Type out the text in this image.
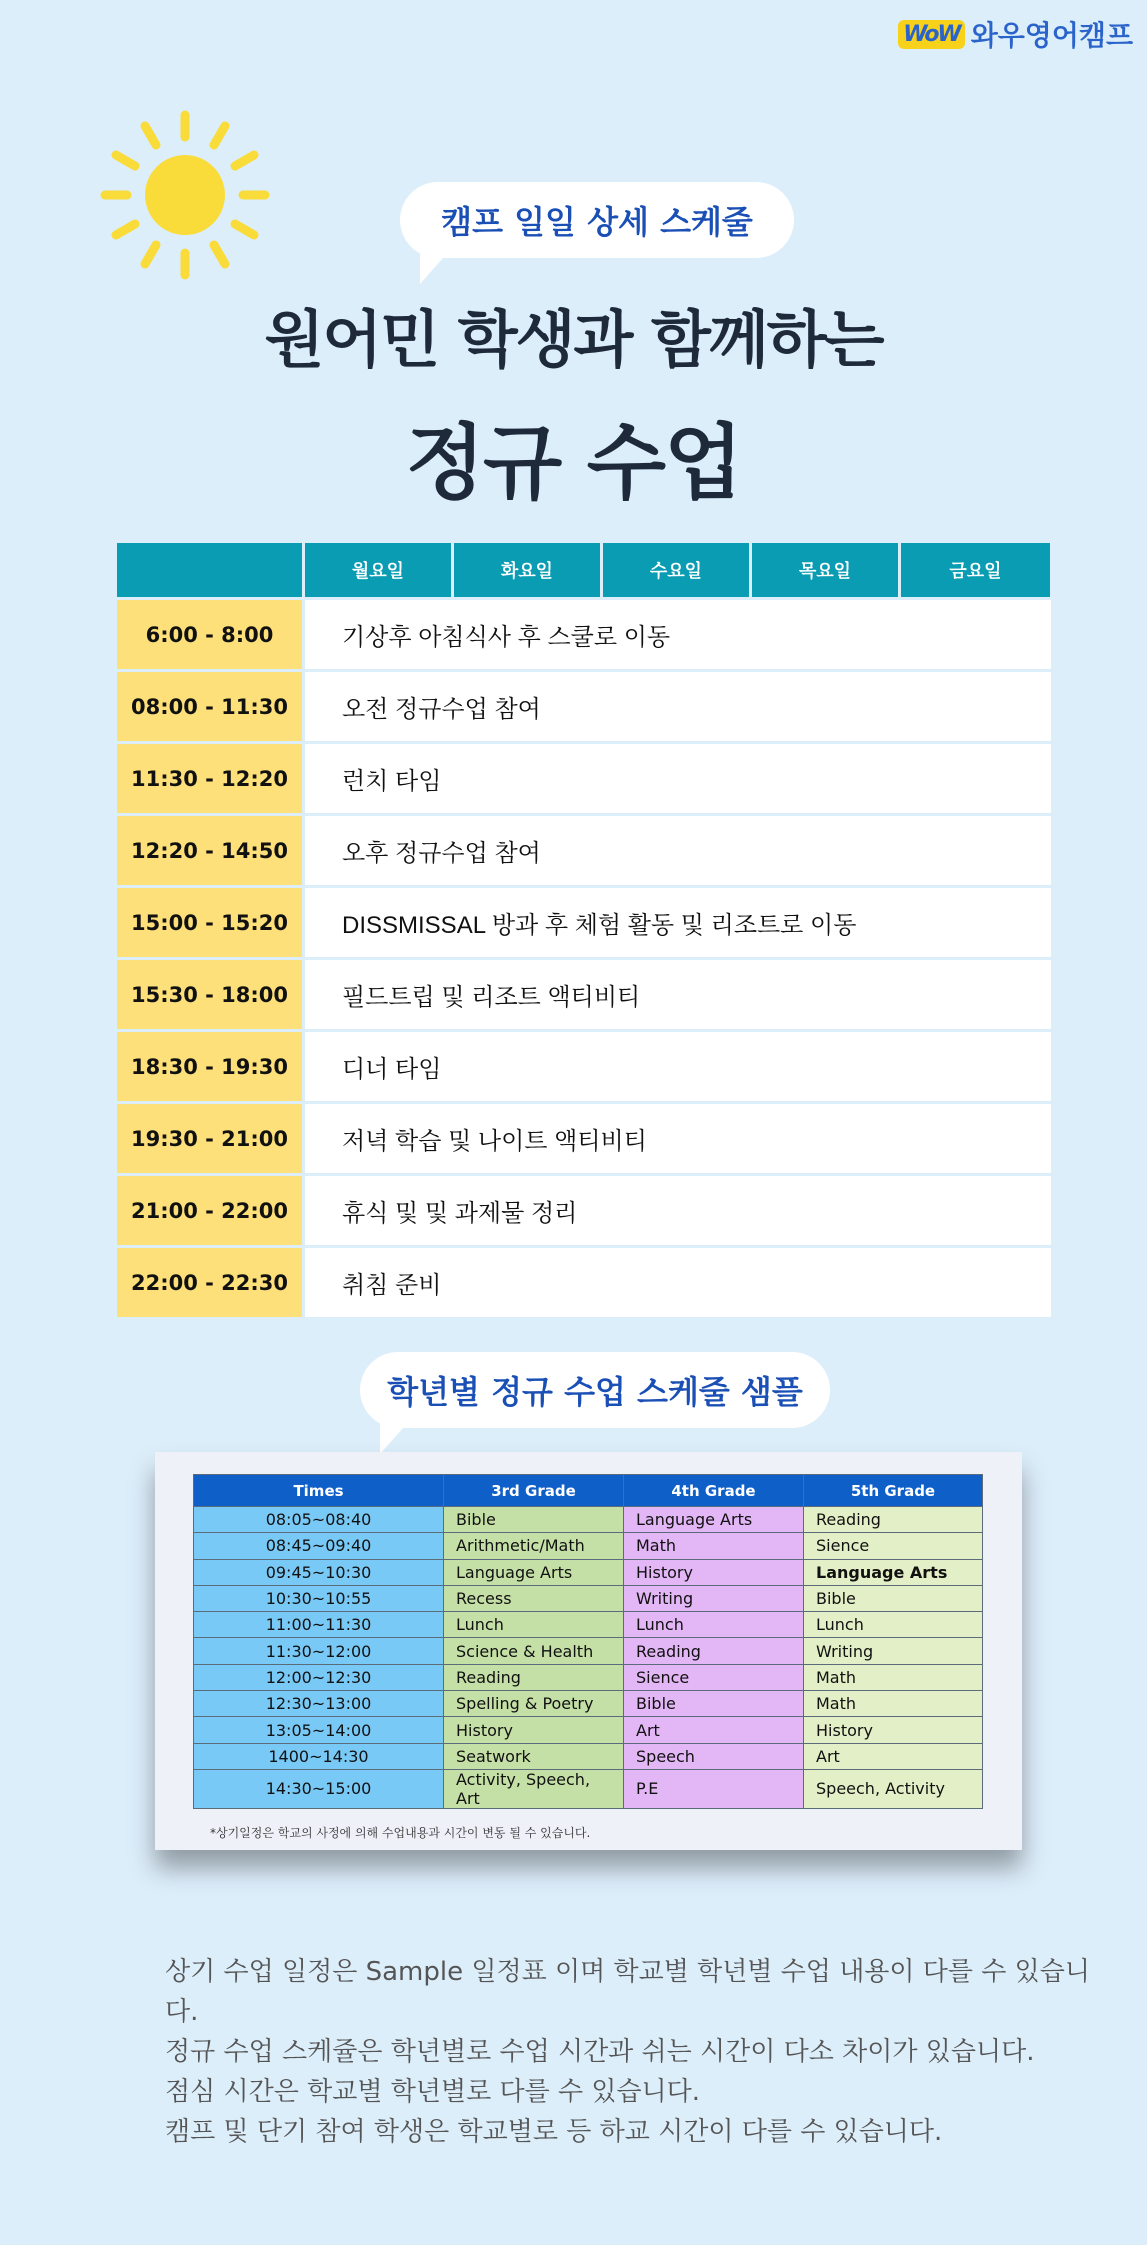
WoW 와우영어캠프
캠프 일일 상세 스케줄
원어민 학생과 함께하는
정규 수업
월요일	화요일	수요일	목요일	금요일
6:00 - 8:00	기상후 아침식사 후 스쿨로 이동
08:00 - 11:30	오전 정규수업 참여
11:30 - 12:20	런치 타임
12:20 - 14:50	오후 정규수업 참여
15:00 - 15:20	DISSMISSAL 방과 후 체험 활동 및 리조트로 이동
15:30 - 18:00	필드트립 및 리조트 액티비티
18:30 - 19:30	디너 타임
19:30 - 21:00	저녁 학습 및 나이트 액티비티
21:00 - 22:00	휴식 및 및 과제물 정리
22:00 - 22:30	취침 준비
학년별 정규 수업 스케줄 샘플
Times	3rd Grade	4th Grade	5th Grade
08:05~08:40	Bible	Language Arts	Reading
08:45~09:40	Arithmetic/Math	Math	Sience
09:45~10:30	Language Arts	History	Language Arts
10:30~10:55	Recess	Writing	Bible
11:00~11:30	Lunch	Lunch	Lunch
11:30~12:00	Science & Health	Reading	Writing
12:00~12:30	Reading	Sience	Math
12:30~13:00	Spelling & Poetry	Bible	Math
13:05~14:00	History	Art	History
1400~14:30	Seatwork	Speech	Art
14:30~15:00	Activity, Speech, Art	P.E	Speech, Activity
*상기일정은 학교의 사정에 의해 수업내용과 시간이 변동 될 수 있습니다.
상기 수업 일정은 Sample 일정표 이며 학교별 학년별 수업 내용이 다를 수 있습니다.
정규 수업 스케쥴은 학년별로 수업 시간과 쉬는 시간이 다소 차이가 있습니다.
점심 시간은 학교별 학년별로 다를 수 있습니다.
캠프 및 단기 참여 학생은 학교별로 등 하교 시간이 다를 수 있습니다.
